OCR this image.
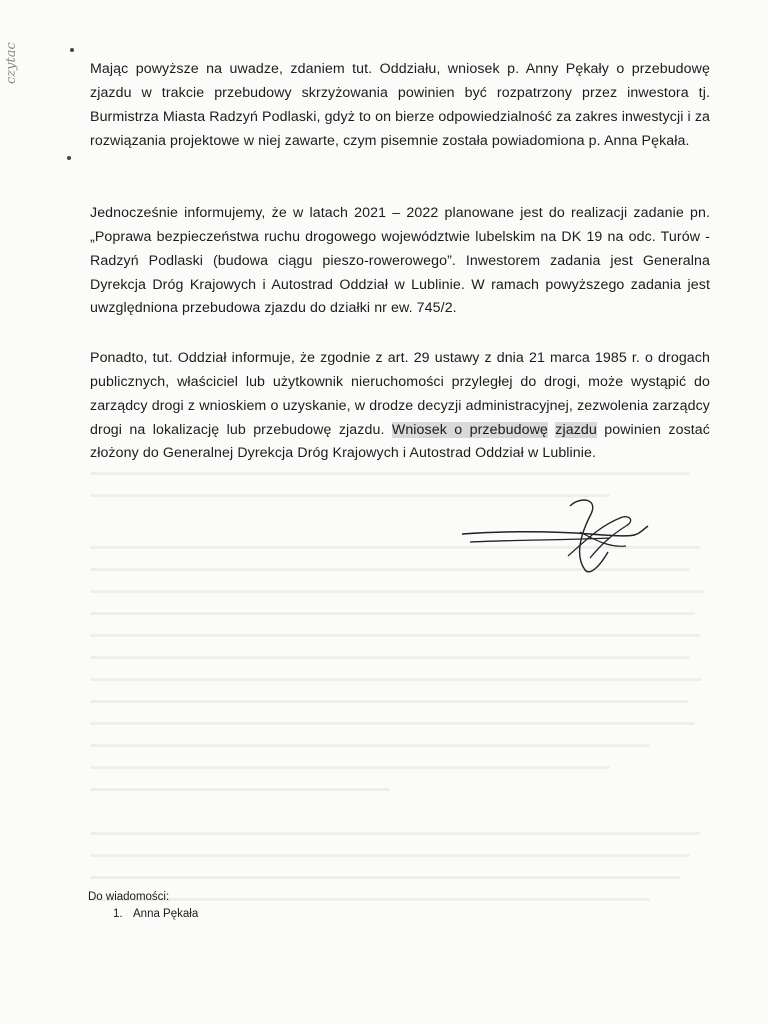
czytac	Mając powyższe na uwadze, zdaniem tut. Oddziału, wniosek p. Anny Pękały o przebudowę zjazdu w trakcie przebudowy skrzyżowania powinien być rozpatrzony przez inwestora tj. Burmistrza Miasta Radzyń Podlaski, gdyż to on bierze odpowiedzialność za zakres inwestycji i za rozwiązania projektowe w niej zawarte, czym pisemnie została powiadomiona p. Anna Pękała.

Jednocześnie informujemy, że w latach 2021 – 2022 planowane jest do realizacji zadanie pn. „Poprawa bezpieczeństwa ruchu drogowego województwie lubelskim na DK 19 na odc. Turów - Radzyń Podlaski (budowa ciągu pieszo-rowerowego”. Inwestorem zadania jest Generalna Dyrekcja Dróg Krajowych i Autostrad Oddział w Lublinie. W ramach powyższego zadania jest uwzględniona przebudowa zjazdu do działki nr ew. 745/2.

Ponadto, tut. Oddział informuje, że zgodnie z art. 29 ustawy z dnia 21 marca 1985 r. o drogach publicznych, właściciel lub użytkownik nieruchomości przyległej do drogi, może wystąpić do zarządcy drogi z wnioskiem o uzyskanie, w drodze decyzji administracyjnej, zezwolenia zarządcy drogi na lokalizację lub przebudowę zjazdu. Wniosek o przebudowę zjazdu powinien zostać złożony do Generalnej Dyrekcja Dróg Krajowych i Autostrad Oddział w Lublinie.

Do wiadomości:
1. Anna Pękała
